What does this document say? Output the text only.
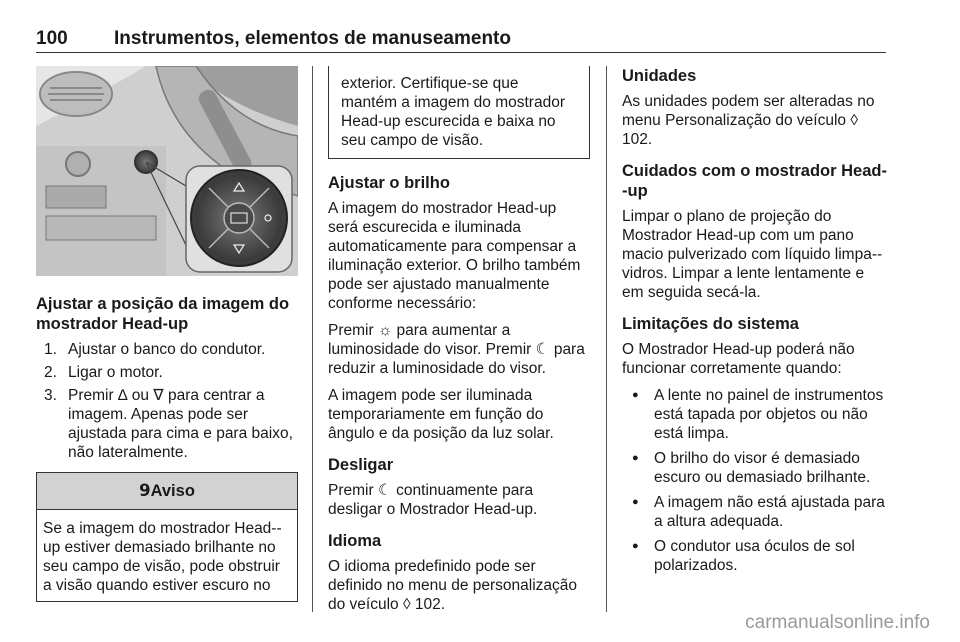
100 Instrumentos, elementos de manuseamento
Ajustar a posição da imagem do mostrador Head-up
1. Ajustar o banco do condutor.
2. Ligar o motor.
3. Premir ∆ ou ∇ para centrar a imagem. Apenas pode ser ajustada para cima e para baixo, não lateralmente.
9Aviso
Se a imagem do mostrador Head--up estiver demasiado brilhante no seu campo de visão, pode obstruir a visão quando estiver escuro no
exterior. Certifique-se que mantém a imagem do mostrador Head-up escurecida e baixa no seu campo de visão.
Ajustar o brilho

A imagem do mostrador Head-up será escurecida e iluminada automaticamente para compensar a iluminação exterior. O brilho também pode ser ajustado manualmente conforme necessário:

Premir ☼ para aumentar a luminosidade do visor. Premir ☾ para reduzir a luminosidade do visor.

A imagem pode ser iluminada temporariamente em função do ângulo e da posição da luz solar.

Desligar

Premir ☾ continuamente para desligar o Mostrador Head-up.

Idioma

O idioma predefinido pode ser definido no menu de personalização do veículo ◊ 102.

Unidades

As unidades podem ser alteradas no menu Personalização do veículo ◊ 102.

Cuidados com o mostrador Head--up

Limpar o plano de projeção do Mostrador Head-up com um pano macio pulverizado com líquido limpa--vidros. Limpar a lente lentamente e em seguida secá-la.

Limitações do sistema

O Mostrador Head-up poderá não funcionar corretamente quando:

● A lente no painel de instrumentos está tapada por objetos ou não está limpa.
● O brilho do visor é demasiado escuro ou demasiado brilhante.
● A imagem não está ajustada para a altura adequada.
● O condutor usa óculos de sol polarizados.
carmanualsonline.info
